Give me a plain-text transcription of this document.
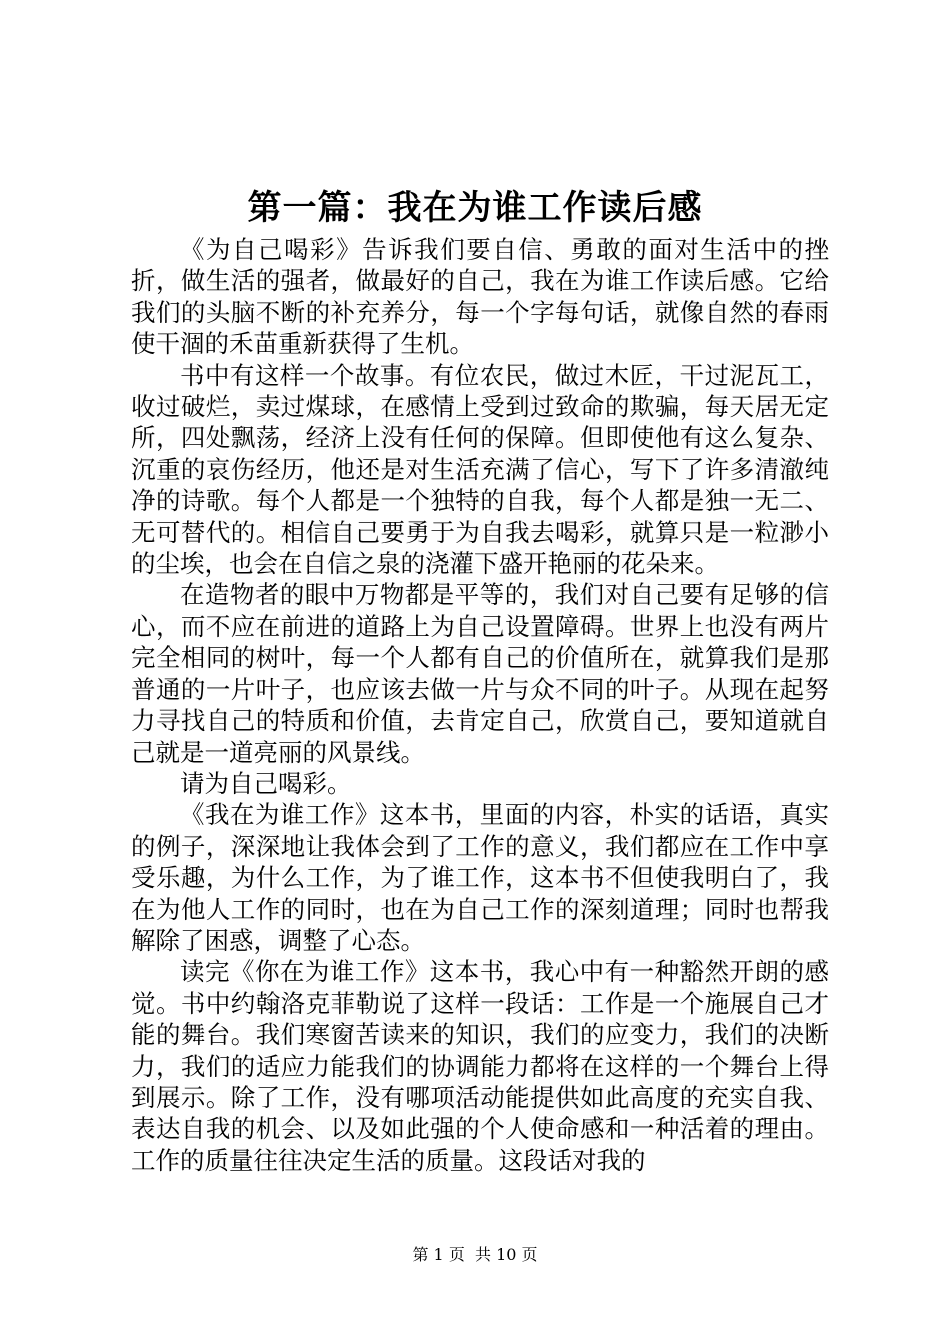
第一篇：我在为谁工作读后感

《为自己喝彩》告诉我们要自信、勇敢的面对生活中的挫折，做生活的强者，做最好的自己，我在为谁工作读后感。它给我们的头脑不断的补充养分，每一个字每句话，就像自然的春雨使干涸的禾苗重新获得了生机。

书中有这样一个故事。有位农民，做过木匠，干过泥瓦工，收过破烂，卖过煤球，在感情上受到过致命的欺骗，每天居无定所，四处飘荡，经济上没有任何的保障。但即使他有这么复杂、沉重的哀伤经历，他还是对生活充满了信心，写下了许多清澈纯净的诗歌。每个人都是一个独特的自我，每个人都是独一无二、无可替代的。相信自己要勇于为自我去喝彩，就算只是一粒渺小的尘埃，也会在自信之泉的浇灌下盛开艳丽的花朵来。

在造物者的眼中万物都是平等的，我们对自己要有足够的信心，而不应在前进的道路上为自己设置障碍。世界上也没有两片完全相同的树叶，每一个人都有自己的价值所在，就算我们是那普通的一片叶子，也应该去做一片与众不同的叶子。从现在起努力寻找自己的特质和价值，去肯定自己，欣赏自己，要知道就自己就是一道亮丽的风景线。

请为自己喝彩。

《我在为谁工作》这本书，里面的内容，朴实的话语，真实的例子，深深地让我体会到了工作的意义，我们都应在工作中享受乐趣，为什么工作，为了谁工作，这本书不但使我明白了，我在为他人工作的同时，也在为自己工作的深刻道理；同时也帮我解除了困惑，调整了心态。

读完《你在为谁工作》这本书，我心中有一种豁然开朗的感觉。书中约翰洛克菲勒说了这样一段话：工作是一个施展自己才能的舞台。我们寒窗苦读来的知识，我们的应变力，我们的决断力，我们的适应力能我们的协调能力都将在这样的一个舞台上得到展示。除了工作，没有哪项活动能提供如此高度的充实自我、表达自我的机会、以及如此强的个人使命感和一种活着的理由。工作的质量往往决定生活的质量。这段话对我的

第 1 页  共 10 页
